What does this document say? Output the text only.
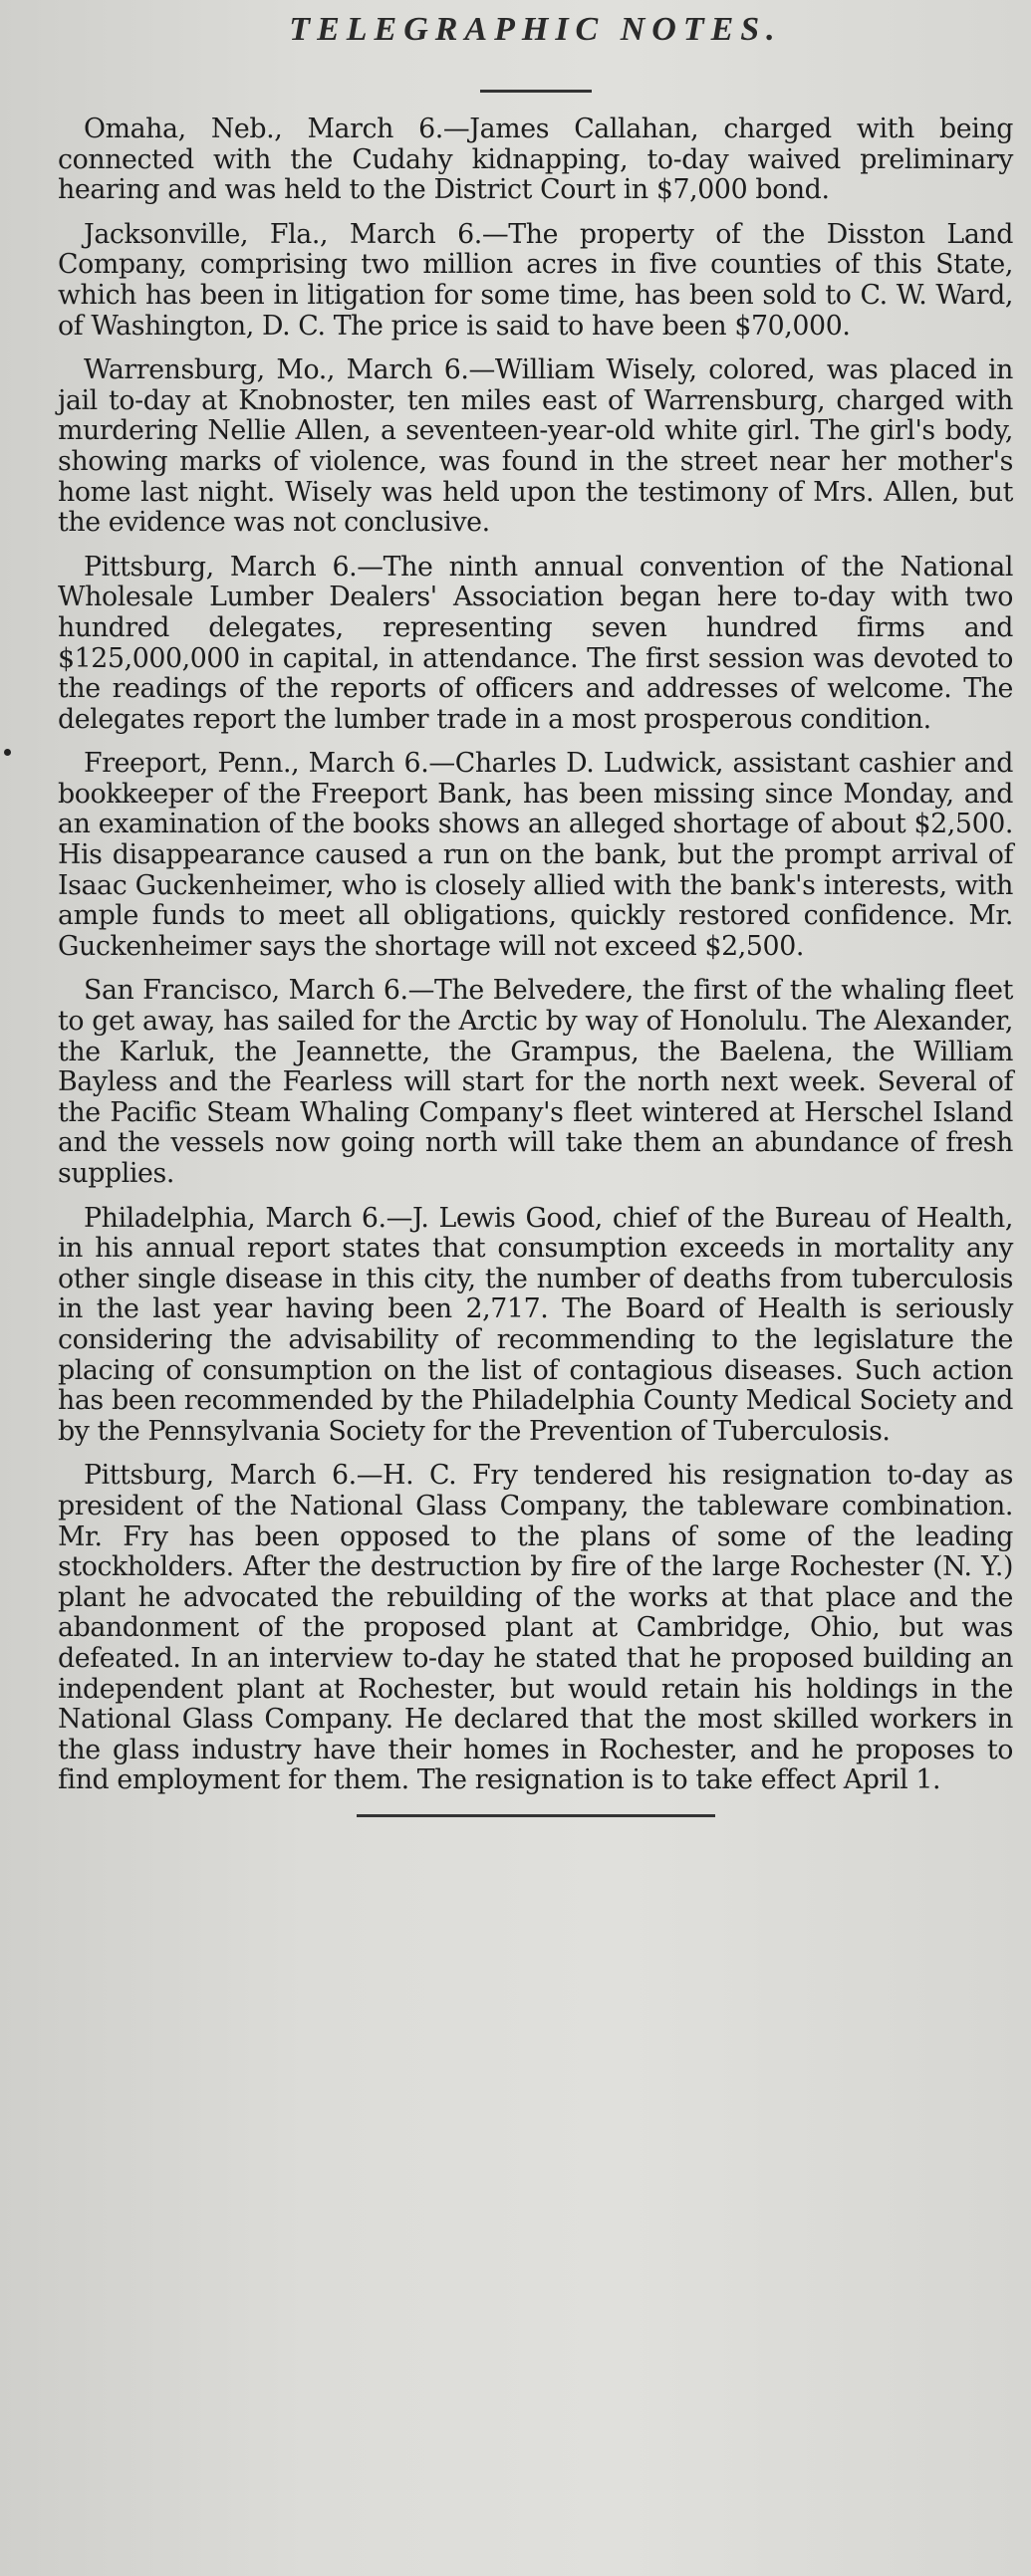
TELEGRAPHIC NOTES.

Omaha, Neb., March 6.—James Callahan, charged with being connected with the Cudahy kidnapping, to-day waived preliminary hearing and was held to the District Court in $7,000 bond.

Jacksonville, Fla., March 6.—The property of the Disston Land Company, comprising two million acres in five counties of this State, which has been in litigation for some time, has been sold to C. W. Ward, of Washington, D. C. The price is said to have been $70,000.

Warrensburg, Mo., March 6.—William Wisely, colored, was placed in jail to-day at Knobnoster, ten miles east of Warrensburg, charged with murdering Nellie Allen, a seventeen-year-old white girl. The girl's body, showing marks of violence, was found in the street near her mother's home last night. Wisely was held upon the testimony of Mrs. Allen, but the evidence was not conclusive.

Pittsburg, March 6.—The ninth annual convention of the National Wholesale Lumber Dealers' Association began here to-day with two hundred delegates, representing seven hundred firms and $125,000,000 in capital, in attendance. The first session was devoted to the readings of the reports of officers and addresses of welcome. The delegates report the lumber trade in a most prosperous condition.

Freeport, Penn., March 6.—Charles D. Ludwick, assistant cashier and bookkeeper of the Freeport Bank, has been missing since Monday, and an examination of the books shows an alleged shortage of about $2,500. His disappearance caused a run on the bank, but the prompt arrival of Isaac Guckenheimer, who is closely allied with the bank's interests, with ample funds to meet all obligations, quickly restored confidence. Mr. Guckenheimer says the shortage will not exceed $2,500.

San Francisco, March 6.—The Belvedere, the first of the whaling fleet to get away, has sailed for the Arctic by way of Honolulu. The Alexander, the Karluk, the Jeannette, the Grampus, the Baelena, the William Bayless and the Fearless will start for the north next week. Several of the Pacific Steam Whaling Company's fleet wintered at Herschel Island and the vessels now going north will take them an abundance of fresh supplies.

Philadelphia, March 6.—J. Lewis Good, chief of the Bureau of Health, in his annual report states that consumption exceeds in mortality any other single disease in this city, the number of deaths from tuberculosis in the last year having been 2,717. The Board of Health is seriously considering the advisability of recommending to the legislature the placing of consumption on the list of contagious diseases. Such action has been recommended by the Philadelphia County Medical Society and by the Pennsylvania Society for the Prevention of Tuberculosis.

Pittsburg, March 6.—H. C. Fry tendered his resignation to-day as president of the National Glass Company, the tableware combination. Mr. Fry has been opposed to the plans of some of the leading stockholders. After the destruction by fire of the large Rochester (N. Y.) plant he advocated the rebuilding of the works at that place and the abandonment of the proposed plant at Cambridge, Ohio, but was defeated. In an interview to-day he stated that he proposed building an independent plant at Rochester, but would retain his holdings in the National Glass Company. He declared that the most skilled workers in the glass industry have their homes in Rochester, and he proposes to find employment for them. The resignation is to take effect April 1.
